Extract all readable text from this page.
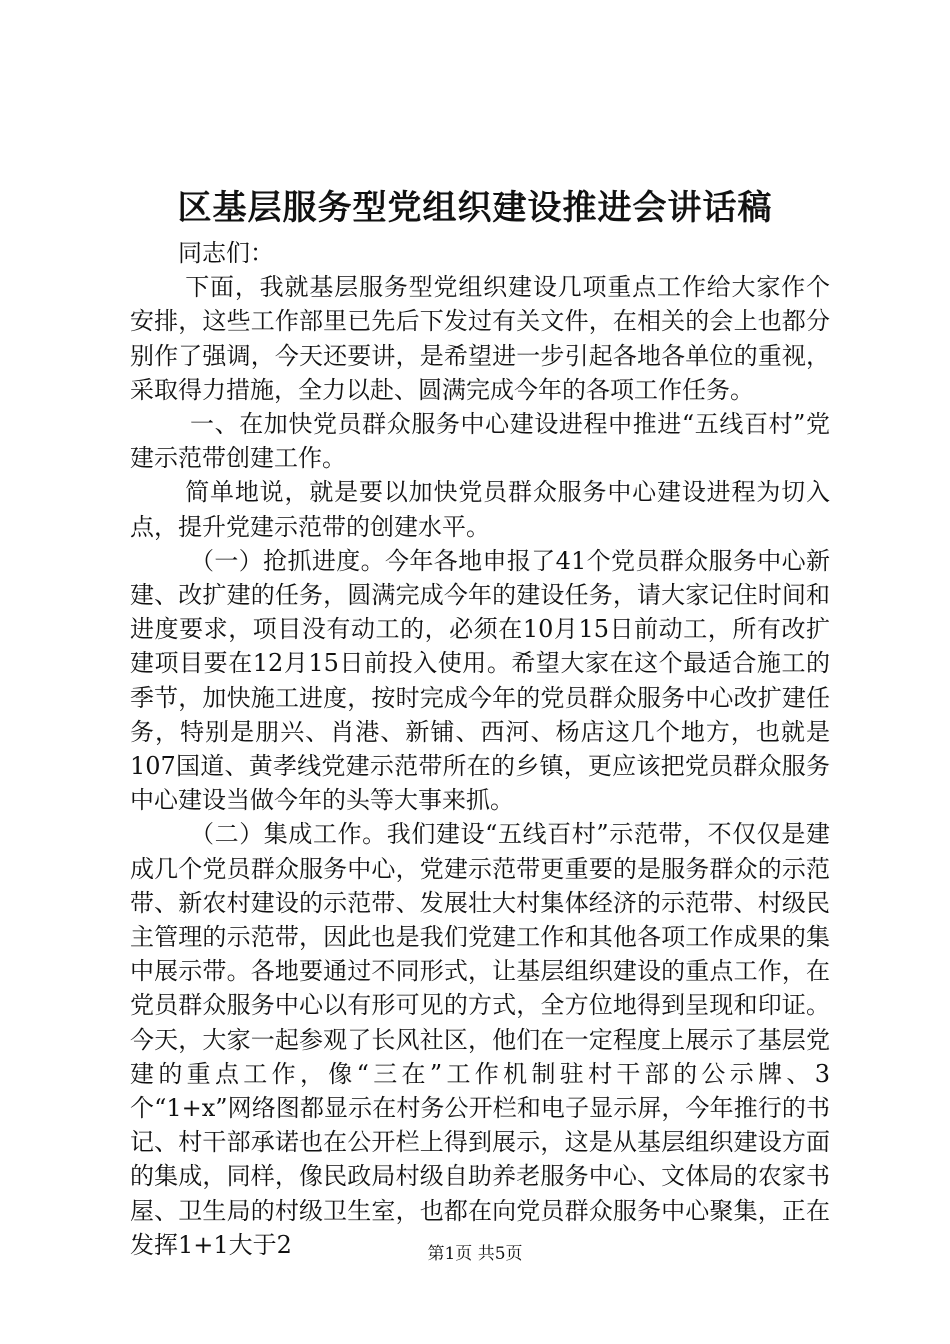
区基层服务型党组织建设推进会讲话稿

同志们：

下面，我就基层服务型党组织建设几项重点工作给大家作个安排，这些工作部里已先后下发过有关文件，在相关的会上也都分别作了强调，今天还要讲，是希望进一步引起各地各单位的重视，采取得力措施，全力以赴、圆满完成今年的各项工作任务。

一、在加快党员群众服务中心建设进程中推进“五线百村”党建示范带创建工作。

简单地说，就是要以加快党员群众服务中心建设进程为切入点，提升党建示范带的创建水平。

（一）抢抓进度。今年各地申报了41个党员群众服务中心新建、改扩建的任务，圆满完成今年的建设任务，请大家记住时间和进度要求，项目没有动工的，必须在10月15日前动工，所有改扩建项目要在12月15日前投入使用。希望大家在这个最适合施工的季节，加快施工进度，按时完成今年的党员群众服务中心改扩建任务，特别是朋兴、肖港、新铺、西河、杨店这几个地方，也就是107国道、黄孝线党建示范带所在的乡镇，更应该把党员群众服务中心建设当做今年的头等大事来抓。

（二）集成工作。我们建设“五线百村”示范带，不仅仅是建成几个党员群众服务中心，党建示范带更重要的是服务群众的示范带、新农村建设的示范带、发展壮大村集体经济的示范带、村级民主管理的示范带，因此也是我们党建工作和其他各项工作成果的集中展示带。各地要通过不同形式，让基层组织建设的重点工作，在党员群众服务中心以有形可见的方式，全方位地得到呈现和印证。今天，大家一起参观了长风社区，他们在一定程度上展示了基层党建的重点工作，像“三在”工作机制驻村干部的公示牌、3个“1+x”网络图都显示在村务公开栏和电子显示屏，今年推行的书记、村干部承诺也在公开栏上得到展示，这是从基层组织建设方面的集成，同样，像民政局村级自助养老服务中心、文体局的农家书屋、卫生局的村级卫生室，也都在向党员群众服务中心聚集，正在发挥1+1大于2	第1页 共5页
